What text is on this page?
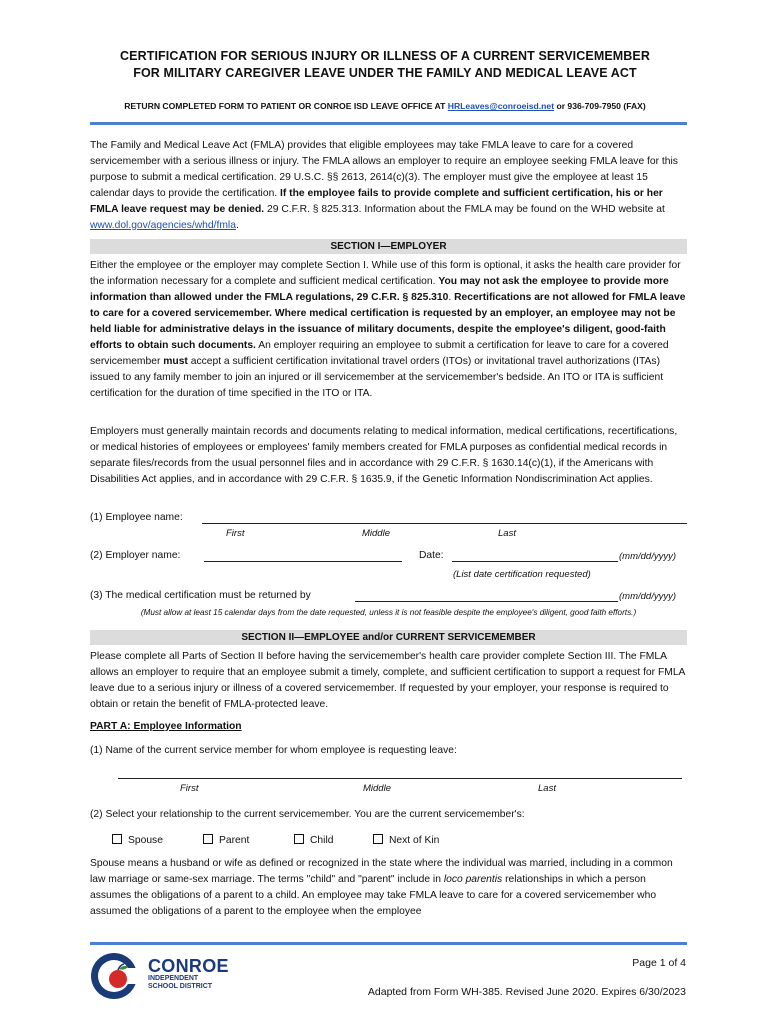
CERTIFICATION FOR SERIOUS INJURY OR ILLNESS OF A CURRENT SERVICEMEMBER
FOR MILITARY CAREGIVER LEAVE UNDER THE FAMILY AND MEDICAL LEAVE ACT
RETURN COMPLETED FORM TO PATIENT OR CONROE ISD LEAVE OFFICE AT HRLeaves@conroeisd.net or 936-709-7950 (FAX)
The Family and Medical Leave Act (FMLA) provides that eligible employees may take FMLA leave to care for a covered servicemember with a serious illness or injury. The FMLA allows an employer to require an employee seeking FMLA leave for this purpose to submit a medical certification. 29 U.S.C. §§ 2613, 2614(c)(3). The employer must give the employee at least 15 calendar days to provide the certification. If the employee fails to provide complete and sufficient certification, his or her FMLA leave request may be denied. 29 C.F.R. § 825.313. Information about the FMLA may be found on the WHD website at www.dol.gov/agencies/whd/fmla.
SECTION I—EMPLOYER
Either the employee or the employer may complete Section I. While use of this form is optional, it asks the health care provider for the information necessary for a complete and sufficient medical certification. You may not ask the employee to provide more information than allowed under the FMLA regulations, 29 C.F.R. § 825.310. Recertifications are not allowed for FMLA leave to care for a covered servicemember. Where medical certification is requested by an employer, an employee may not be held liable for administrative delays in the issuance of military documents, despite the employee's diligent, good-faith efforts to obtain such documents. An employer requiring an employee to submit a certification for leave to care for a covered servicemember must accept a sufficient certification invitational travel orders (ITOs) or invitational travel authorizations (ITAs) issued to any family member to join an injured or ill servicemember at the servicemember's bedside. An ITO or ITA is sufficient certification for the duration of time specified in the ITO or ITA.
Employers must generally maintain records and documents relating to medical information, medical certifications, recertifications, or medical histories of employees or employees' family members created for FMLA purposes as confidential medical records in separate files/records from the usual personnel files and in accordance with 29 C.F.R. § 1630.14(c)(1), if the Americans with Disabilities Act applies, and in accordance with 29 C.F.R. § 1635.9, if the Genetic Information Nondiscrimination Act applies.
(1) Employee name:
First	Middle	Last
(2) Employer name:	Date:	(mm/dd/yyyy)
(List date certification requested)
(3) The medical certification must be returned by	(mm/dd/yyyy)
(Must allow at least 15 calendar days from the date requested, unless it is not feasible despite the employee's diligent, good faith efforts.)
SECTION II—EMPLOYEE and/or CURRENT SERVICEMEMBER
Please complete all Parts of Section II before having the servicemember's health care provider complete Section III. The FMLA allows an employer to require that an employee submit a timely, complete, and sufficient certification to support a request for FMLA leave due to a serious injury or illness of a covered servicemember. If requested by your employer, your response is required to obtain or retain the benefit of FMLA-protected leave.
PART A: Employee Information
(1) Name of the current service member for whom employee is requesting leave:
First	Middle	Last
(2) Select your relationship to the current servicemember. You are the current servicemember's:
Spouse	Parent	Child	Next of Kin
Spouse means a husband or wife as defined or recognized in the state where the individual was married, including in a common law marriage or same-sex marriage. The terms "child" and "parent" include in loco parentis relationships in which a person assumes the obligations of a parent to a child. An employee may take FMLA leave to care for a covered servicemember who assumed the obligations of a parent to the employee when the employee
CONROE
INDEPENDENT
SCHOOL DISTRICT
Page 1 of 4
Adapted from Form WH-385. Revised June 2020. Expires 6/30/2023
